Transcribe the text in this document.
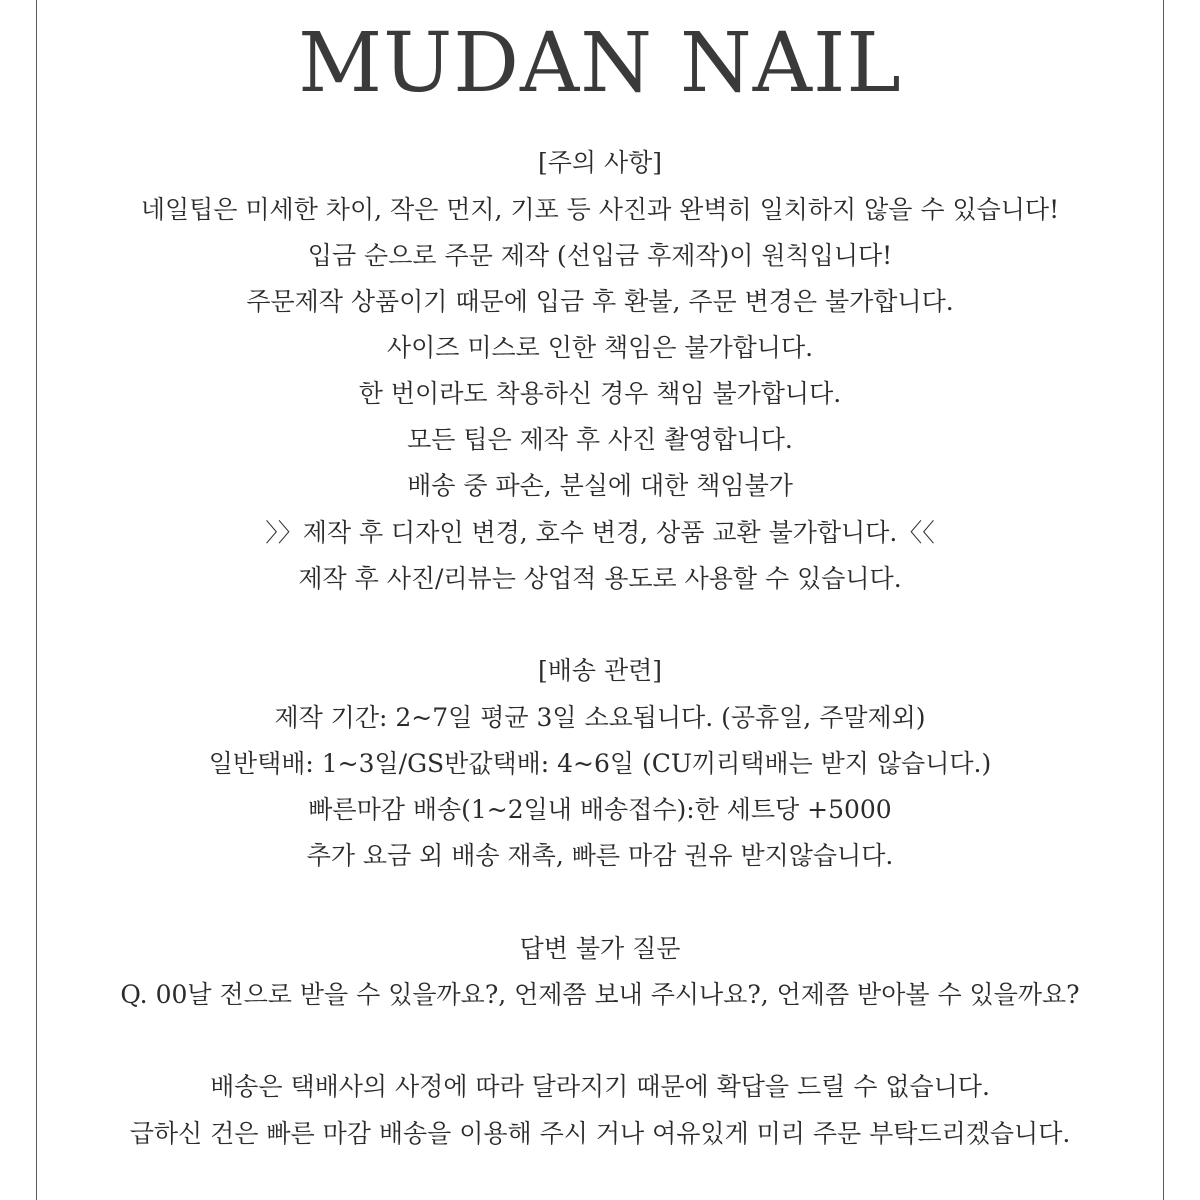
MUDAN NAIL
[주의 사항]
네일팁은 미세한 차이, 작은 먼지, 기포 등 사진과 완벽히 일치하지 않을 수 있습니다!
입금 순으로 주문 제작 (선입금 후제작)이 원칙입니다!
주문제작 상품이기 때문에 입금 후 환불, 주문 변경은 불가합니다.
사이즈 미스로 인한 책임은 불가합니다.
한 번이라도 착용하신 경우 책임 불가합니다.
모든 팁은 제작 후 사진 촬영합니다.
배송 중 파손, 분실에 대한 책임불가
〉〉제작 후 디자인 변경, 호수 변경, 상품 교환 불가합니다.〈〈
제작 후 사진/리뷰는 상업적 용도로 사용할 수 있습니다.
[배송 관련]
제작 기간: 2~7일 평균 3일 소요됩니다. (공휴일, 주말제외)
일반택배: 1~3일/GS반값택배: 4~6일 (CU끼리택배는 받지 않습니다.)
빠른마감 배송(1~2일내 배송접수):한 세트당 +5000
추가 요금 외 배송 재촉, 빠른 마감 권유 받지않습니다.
답변 불가 질문
Q. 00날 전으로 받을 수 있을까요?, 언제쯤 보내 주시나요?, 언제쯤 받아볼 수 있을까요?
배송은 택배사의 사정에 따라 달라지기 때문에 확답을 드릴 수 없습니다.
급하신 건은 빠른 마감 배송을 이용해 주시 거나 여유있게 미리 주문 부탁드리겠습니다.
